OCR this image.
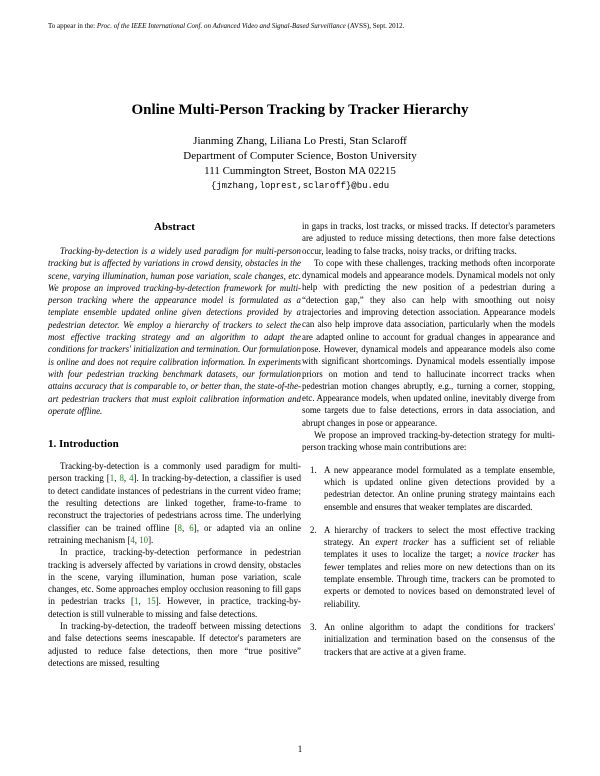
To appear in the: Proc. of the IEEE International Conf. on Advanced Video and Signal-Based Surveillance (AVSS), Sept. 2012.
Online Multi-Person Tracking by Tracker Hierarchy
Jianming Zhang, Liliana Lo Presti, Stan Sclaroff
Department of Computer Science, Boston University
111 Cummington Street, Boston MA 02215
{jmzhang,loprest,sclaroff}@bu.edu
Abstract

Tracking-by-detection is a widely used paradigm for multi-person tracking but is affected by variations in crowd density, obstacles in the scene, varying illumination, human pose variation, scale changes, etc. We propose an improved tracking-by-detection framework for multi-person tracking where the appearance model is formulated as a template ensemble updated online given detections provided by a pedestrian detector. We employ a hierarchy of trackers to select the most effective tracking strategy and an algorithm to adapt the conditions for trackers' initialization and termination. Our formulation is online and does not require calibration information. In experiments with four pedestrian tracking benchmark datasets, our formulation attains accuracy that is comparable to, or better than, the state-of-the-art pedestrian trackers that must exploit calibration information and operate offline.

1. Introduction

Tracking-by-detection is a commonly used paradigm for multi-person tracking [1, 8, 4]. In tracking-by-detection, a classifier is used to detect candidate instances of pedestrians in the current video frame; the resulting detections are linked together, frame-to-frame to reconstruct the trajectories of pedestrians across time. The underlying classifier can be trained offline [8, 6], or adapted via an online retraining mechanism [4, 10].

In practice, tracking-by-detection performance in pedestrian tracking is adversely affected by variations in crowd density, obstacles in the scene, varying illumination, human pose variation, scale changes, etc. Some approaches employ occlusion reasoning to fill gaps in pedestrian tracks [1, 15]. However, in practice, tracking-by-detection is still vulnerable to missing and false detections.

In tracking-by-detection, the tradeoff between missing detections and false detections seems inescapable. If detector's parameters are adjusted to reduce false detections, then more “true positive” detections are missed, resulting

in gaps in tracks, lost tracks, or missed tracks. If detector's parameters are adjusted to reduce missing detections, then more false detections occur, leading to false tracks, noisy tracks, or drifting tracks.

To cope with these challenges, tracking methods often incorporate dynamical models and appearance models. Dynamical models not only help with predicting the new position of a pedestrian during a “detection gap,” they also can help with smoothing out noisy trajectories and improving detection association. Appearance models can also help improve data association, particularly when the models are adapted online to account for gradual changes in appearance and pose. However, dynamical models and appearance models also come with significant shortcomings. Dynamical models essentially impose priors on motion and tend to hallucinate incorrect tracks when pedestrian motion changes abruptly, e.g., turning a corner, stopping, etc. Appearance models, when updated online, inevitably diverge from some targets due to false detections, errors in data association, and abrupt changes in pose or appearance.

We propose an improved tracking-by-detection strategy for multi-person tracking whose main contributions are:

1. A new appearance model formulated as a template ensemble, which is updated online given detections provided by a pedestrian detector. An online pruning strategy maintains each ensemble and ensures that weaker templates are discarded.
2. A hierarchy of trackers to select the most effective tracking strategy. An expert tracker has a sufficient set of reliable templates it uses to localize the target; a novice tracker has fewer templates and relies more on new detections than on its template ensemble. Through time, trackers can be promoted to experts or demoted to novices based on demonstrated level of reliability.
3. An online algorithm to adapt the conditions for trackers' initialization and termination based on the consensus of the trackers that are active at a given frame.
1
